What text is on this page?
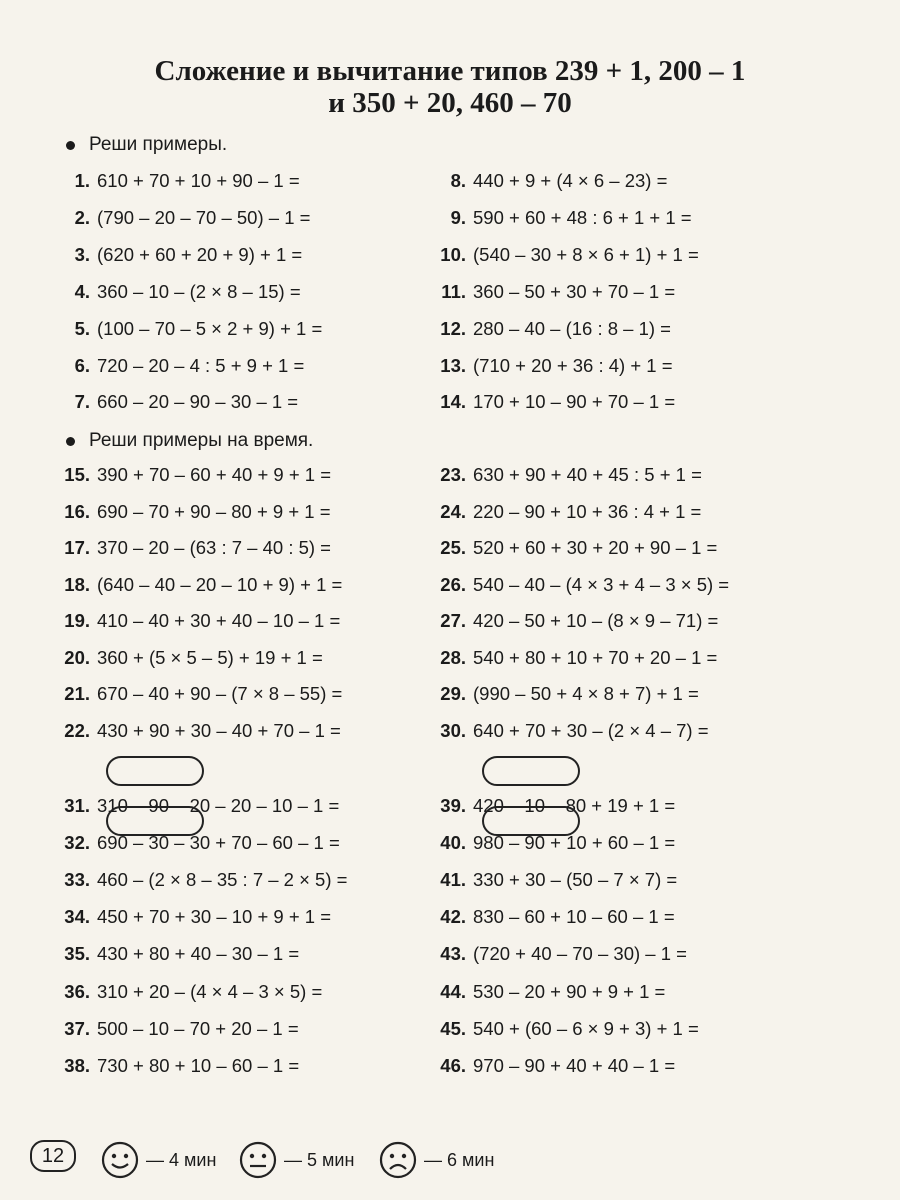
Сложение и вычитание типов 239 + 1, 200 – 1
и 350 + 20, 460 – 70
Реши примеры.
Реши примеры на время.
1. 610 + 70 + 10 + 90 – 1 =
2. (790 – 20 – 70 – 50) – 1 =
3. (620 + 60 + 20 + 9) + 1 =
4. 360 – 10 – (2 × 8 – 15) =
5. (100 – 70 – 5 × 2 + 9) + 1 =
6. 720 – 20 – 4 : 5 + 9 + 1 =
7. 660 – 20 – 90 – 30 – 1 =
8. 440 + 9 + (4 × 6 – 23) =
9. 590 + 60 + 48 : 6 + 1 + 1 =
10. (540 – 30 + 8 × 6 + 1) + 1 =
11. 360 – 50 + 30 + 70 – 1 =
12. 280 – 40 – (16 : 8 – 1) =
13. (710 + 20 + 36 : 4) + 1 =
14. 170 + 10 – 90 + 70 – 1 =
15. 390 + 70 – 60 + 40 + 9 + 1 =
16. 690 – 70 + 90 – 80 + 9 + 1 =
17. 370 – 20 – (63 : 7 – 40 : 5) =
18. (640 – 40 – 20 – 10 + 9) + 1 =
19. 410 – 40 + 30 + 40 – 10 – 1 =
20. 360 + (5 × 5 – 5) + 19 + 1 =
21. 670 – 40 + 90 – (7 × 8 – 55) =
22. 430 + 90 + 30 – 40 + 70 – 1 =
23. 630 + 90 + 40 + 45 : 5 + 1 =
24. 220 – 90 + 10 + 36 : 4 + 1 =
25. 520 + 60 + 30 + 20 + 90 – 1 =
26. 540 – 40 – (4 × 3 + 4 – 3 × 5) =
27. 420 – 50 + 10 – (8 × 9 – 71) =
28. 540 + 80 + 10 + 70 + 20 – 1 =
29. (990 – 50 + 4 × 8 + 7) + 1 =
30. 640 + 70 + 30 – (2 × 4 – 7) =
31. 310 – 90 – 20 – 20 – 10 – 1 =
32. 690 – 30 – 30 + 70 – 60 – 1 =
33. 460 – (2 × 8 – 35 : 7 – 2 × 5) =
34. 450 + 70 + 30 – 10 + 9 + 1 =
35. 430 + 80 + 40 – 30 – 1 =
36. 310 + 20 – (4 × 4 – 3 × 5) =
37. 500 – 10 – 70 + 20 – 1 =
38. 730 + 80 + 10 – 60 – 1 =
39. 420 – 10 – 80 + 19 + 1 =
40. 980 – 90 + 10 + 60 – 1 =
41. 330 + 30 – (50 – 7 × 7) =
42. 830 – 60 + 10 – 60 – 1 =
43. (720 + 40 – 70 – 30) – 1 =
44. 530 – 20 + 90 + 9 + 1 =
45. 540 + (60 – 6 × 9 + 3) + 1 =
46. 970 – 90 + 40 + 40 – 1 =
12	— 4 мин	— 5 мин	— 6 мин
